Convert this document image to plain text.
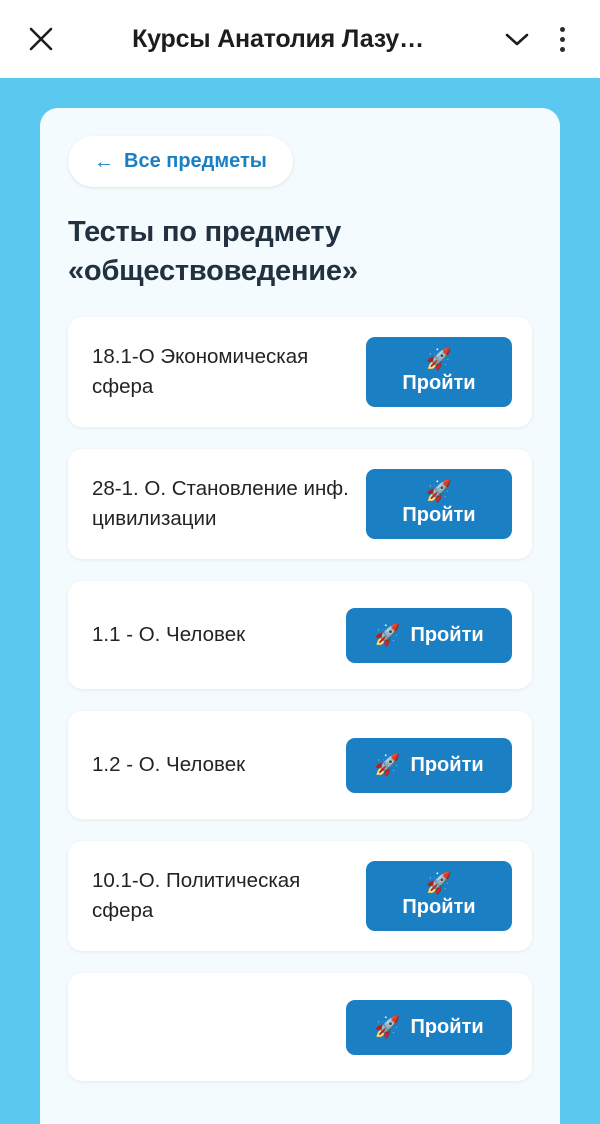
Курсы Анатолия Лазу…
← Все предметы
Тесты по предмету «обществоведение»
18.1-О Экономическая сфера
🚀
Пройти
28-1. О. Становление инф. цивилизации
🚀
Пройти
1.1 - О. Человек	🚀 Пройти
1.2 - О. Человек	🚀 Пройти
10.1-О. Политическая сфера
🚀
Пройти
🚀 Пройти
